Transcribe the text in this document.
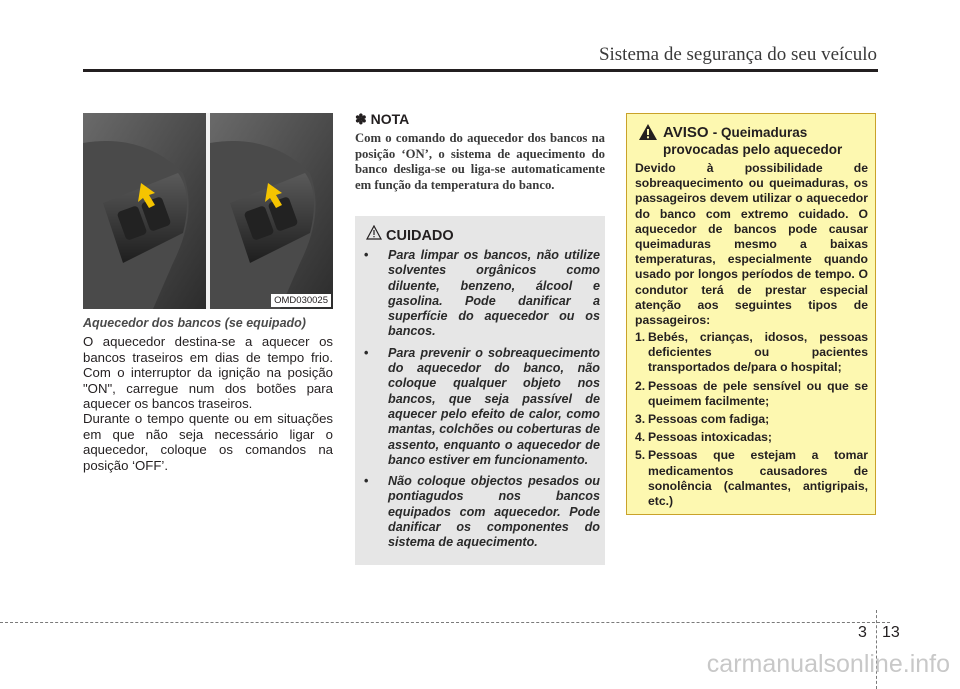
Sistema de segurança do seu veículo
OMD030025
Aquecedor dos bancos (se equipado)
O aquecedor destina-se a aquecer os bancos traseiros em dias de tempo frio. Com o interruptor da ignição na posição "ON", carregue num dos botões para aquecer os bancos traseiros.
Durante o tempo quente ou em situações em que não seja necessário ligar o aquecedor, coloque os comandos na posição ‘OFF’.
✽ NOTA
Com o comando do aquecedor dos bancos na posição ‘ON’, o sistema de aquecimento do banco desliga-se ou liga-se automaticamente em função da temperatura do banco.
CUIDADO
• Para limpar os bancos, não utilize solventes orgânicos como diluente, benzeno, álcool e gasolina. Pode danificar a superfície do aquecedor ou os bancos.
• Para prevenir o sobreaquecimento do aquecedor do banco, não coloque qualquer objeto nos bancos, que seja passível de aquecer pelo efeito de calor, como mantas, colchões ou coberturas de assento, enquanto o aquecedor de banco estiver em funcionamento.
• Não coloque objectos pesados ou pontiagudos nos bancos equipados com aquecedor. Pode danificar os componentes do sistema de aquecimento.
AVISO - Queimaduras
provocadas pelo aquecedor
Devido à possibilidade de sobreaquecimento ou queimaduras, os passageiros devem utilizar o aquecedor do banco com extremo cuidado. O aquecedor de bancos pode causar queimaduras mesmo a baixas temperaturas, especialmente quando usado por longos períodos de tempo. O condutor terá de prestar especial atenção aos seguintes tipos de passageiros:
1. Bebés, crianças, idosos, pessoas deficientes ou pacientes transportados de/para o hospital;
2. Pessoas de pele sensível ou que se queimem facilmente;
3. Pessoas com fadiga;
4. Pessoas intoxicadas;
5. Pessoas que estejam a tomar medicamentos causadores de sonolência (calmantes, antigripais, etc.)
3 13
carmanualsonline.info
